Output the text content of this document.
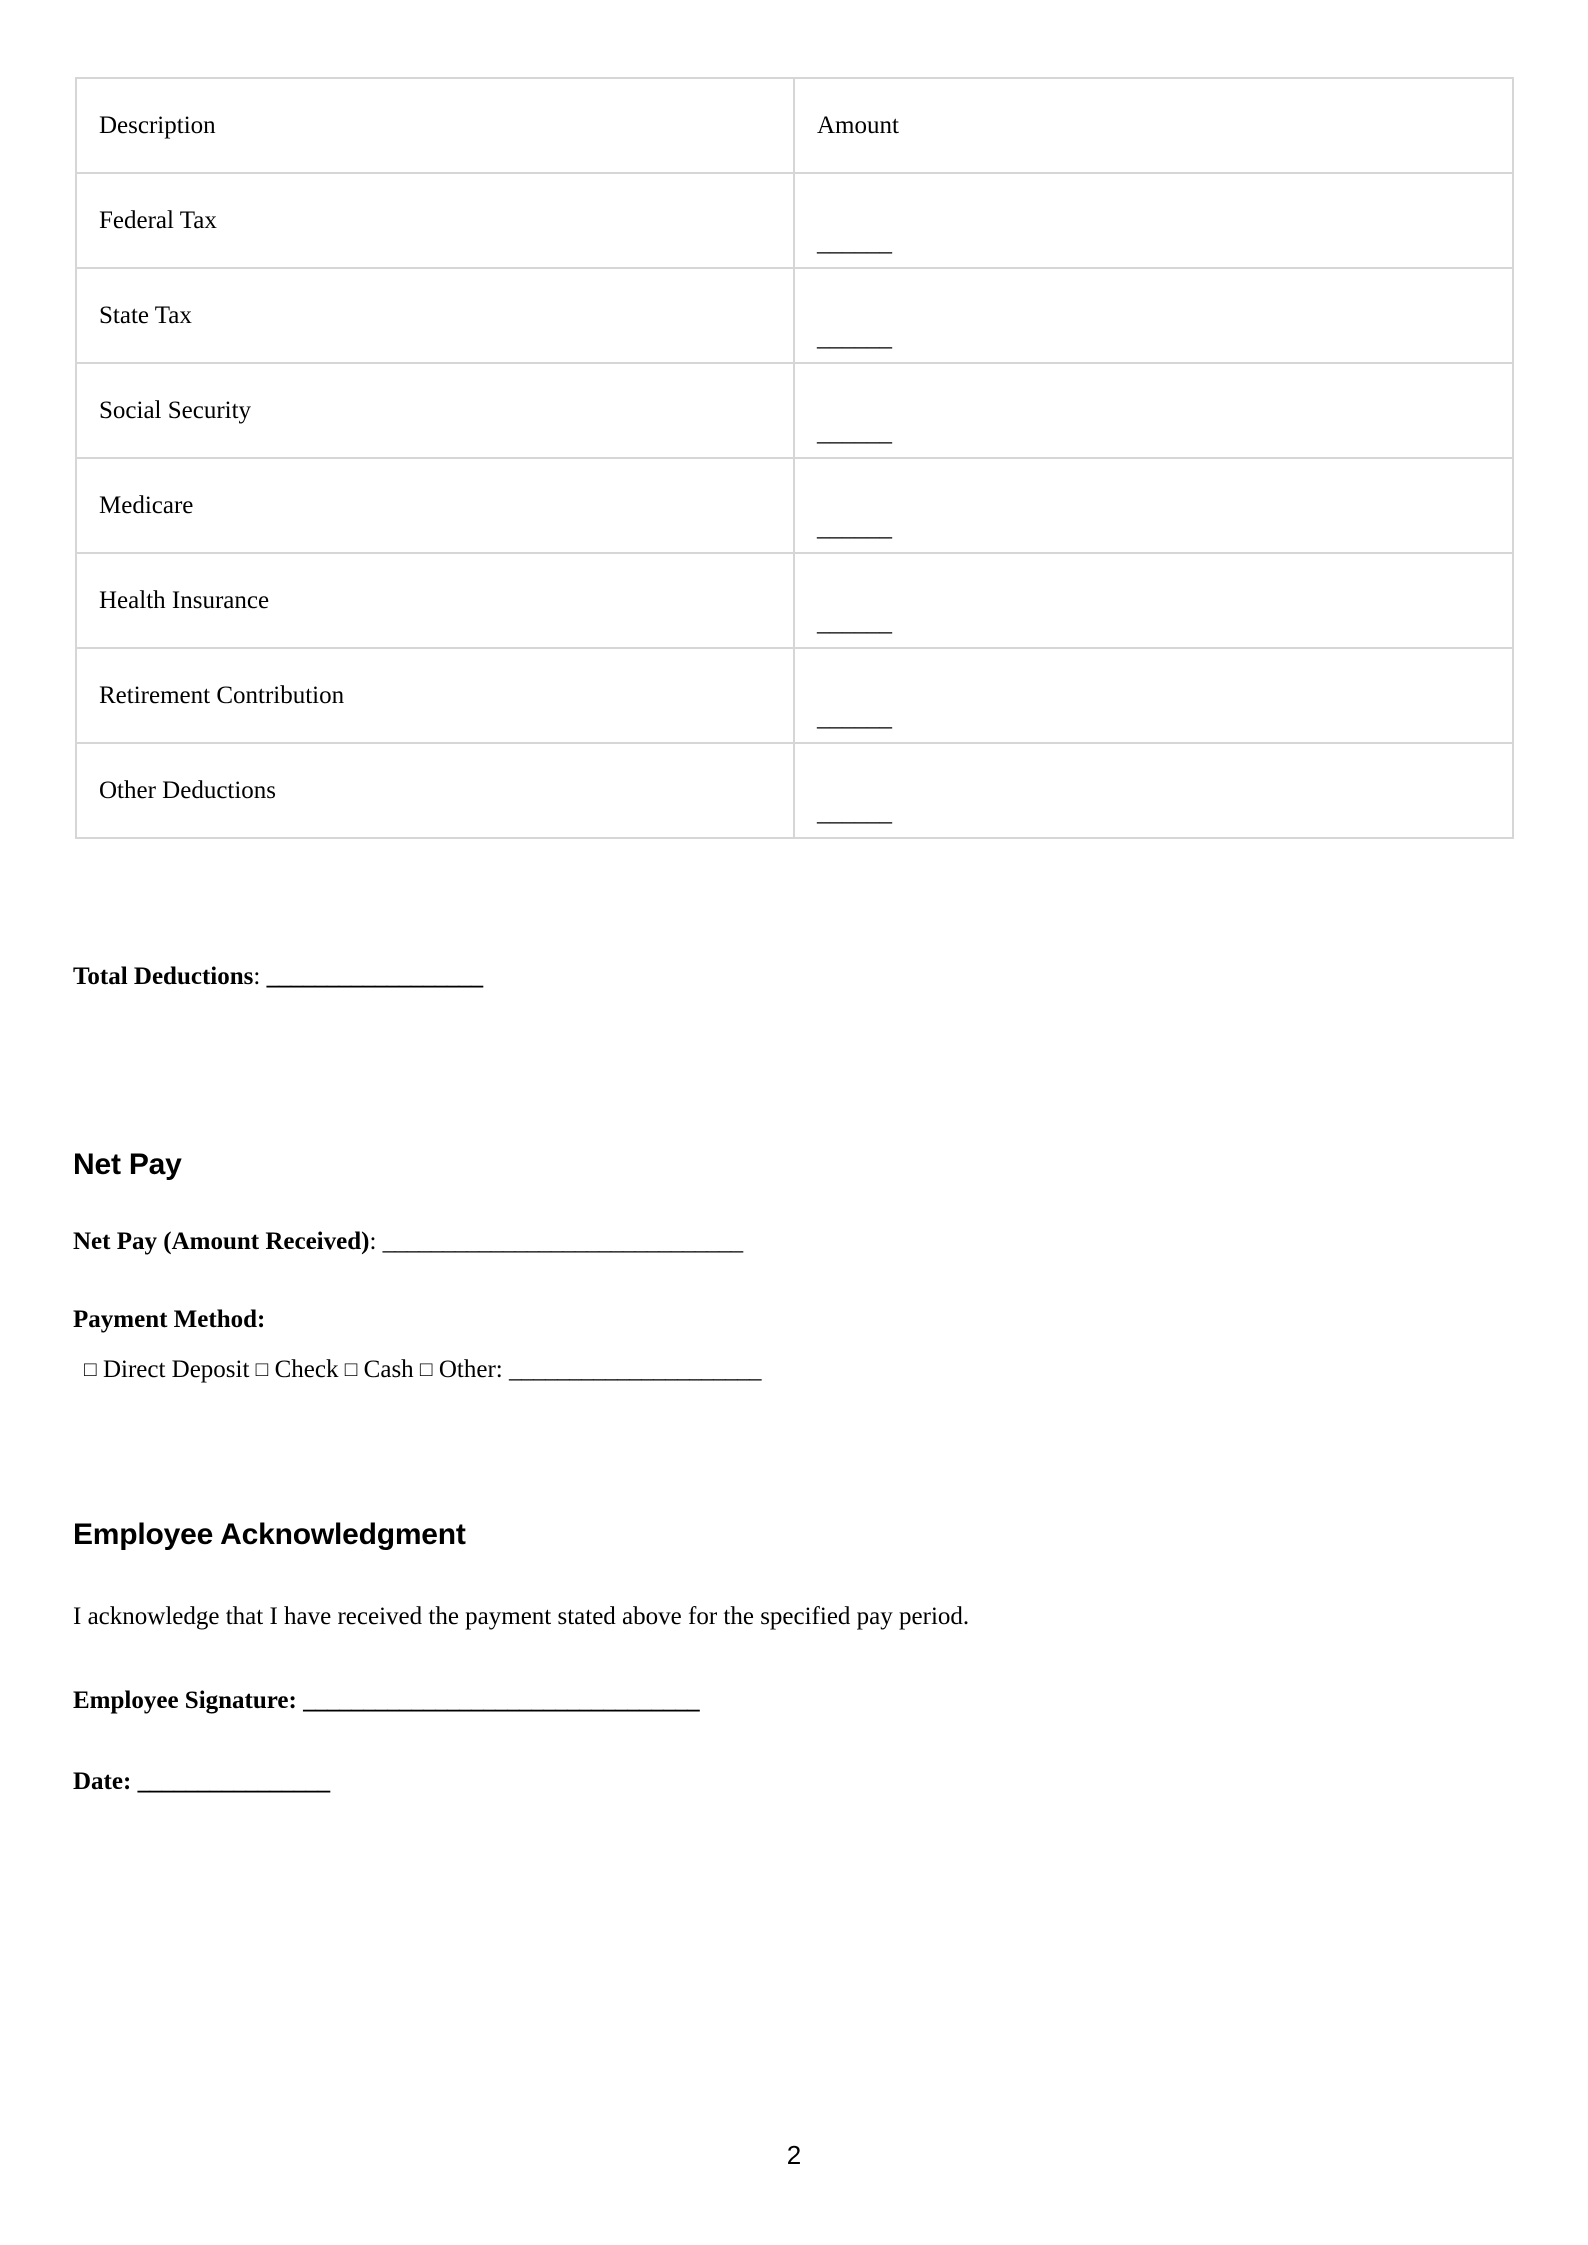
Description	Amount

Federal Tax	______

State Tax	______

Social Security	______

Medicare	______

Health Insurance	______

Retirement Contribution	______

Other Deductions	______
Total Deductions: __________________
Net Pay
Net Pay (Amount Received): ______________________________
Payment Method:
□ Direct Deposit □ Check □ Cash □ Other: _____________________
Employee Acknowledgment
I acknowledge that I have received the payment stated above for the specified pay period.
Employee Signature: _________________________________
Date: ________________
2
